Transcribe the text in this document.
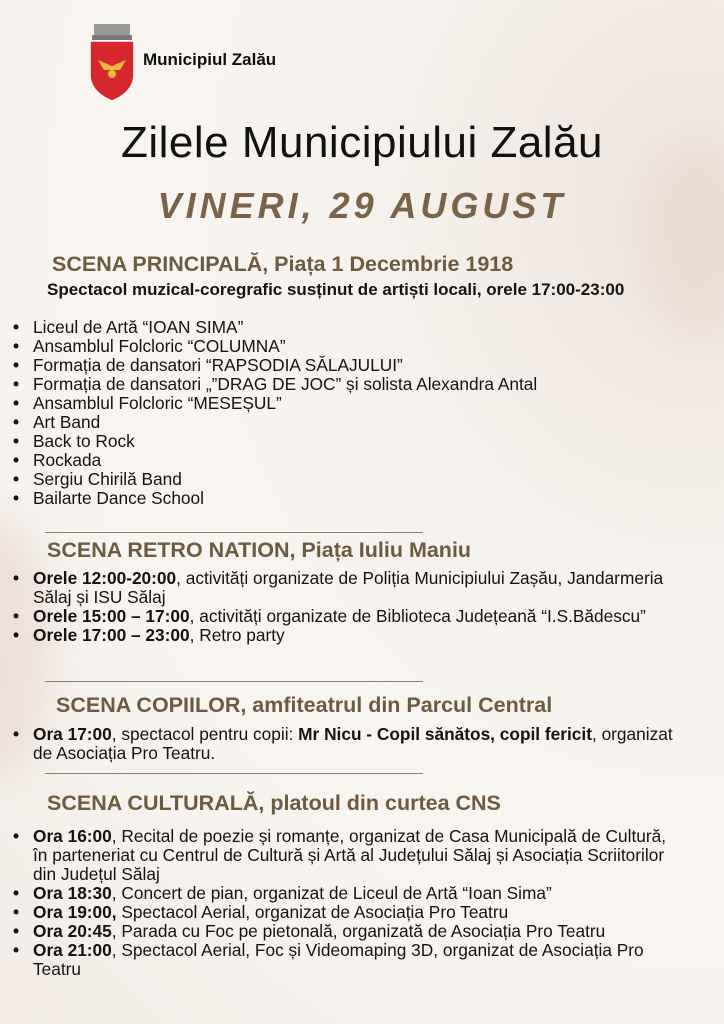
Municipiul Zalău
Zilele Municipiului Zalău
VINERI, 29 AUGUST
SCENA PRINCIPALĂ, Piața 1 Decembrie 1918
Spectacol muzical-coregrafic susținut de artiști locali, orele 17:00-23:00
• Liceul de Artă “IOAN SIMA”
• Ansamblul Folcloric “COLUMNA”
• Formația de dansatori “RAPSODIA SĂLAJULUI”
• Formația de dansatori „”DRAG DE JOC” și solista Alexandra Antal
• Ansamblul Folcloric “MESEȘUL”
• Art Band
• Back to Rock
• Rockada
• Sergiu Chirilă Band
• Bailarte Dance School
SCENA RETRO NATION, Piața Iuliu Maniu
• Orele 12:00-20:00, activități organizate de Poliția Municipiului Zașău, Jandarmeria Sălaj și ISU Sălaj
• Orele 15:00 – 17:00, activități organizate de Biblioteca Județeană “I.S.Bădescu”
• Orele 17:00 – 23:00, Retro party
SCENA COPIILOR, amfiteatrul din Parcul Central
• Ora 17:00, spectacol pentru copii: Mr Nicu - Copil sănătos, copil fericit, organizat de Asociația Pro Teatru.
SCENA CULTURALĂ, platoul din curtea CNS
• Ora 16:00, Recital de poezie și romanțe, organizat de Casa Municipală de Cultură, în parteneriat cu Centrul de Cultură și Artă al Județului Sălaj și Asociația Scriitorilor din Județul Sălaj
• Ora 18:30, Concert de pian, organizat de Liceul de Artă “Ioan Sima”
• Ora 19:00, Spectacol Aerial, organizat de Asociația Pro Teatru
• Ora 20:45, Parada cu Foc pe pietonală, organizată de Asociația Pro Teatru
• Ora 21:00, Spectacol Aerial, Foc și Videomaping 3D, organizat de Asociația Pro Teatru
